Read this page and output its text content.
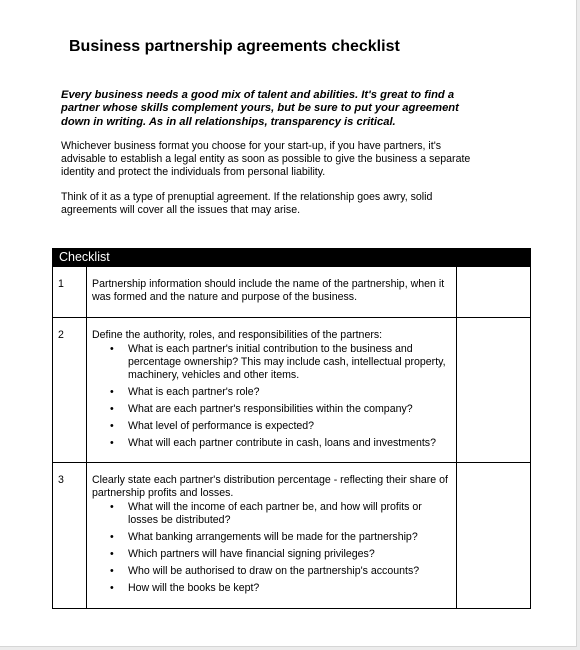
Business partnership agreements checklist

Every business needs a good mix of talent and abilities. It's great to find a partner whose skills complement yours, but be sure to put your agreement down in writing. As in all relationships, transparency is critical.

Whichever business format you choose for your start-up, if you have partners, it's advisable to establish a legal entity as soon as possible to give the business a separate identity and protect the individuals from personal liability.

Think of it as a type of prenuptial agreement. If the relationship goes awry, solid agreements will cover all the issues that may arise.

Checklist
1	Partnership information should include the name of the partnership, when it was formed and the nature and purpose of the business.

2	Define the authority, roles, and responsibilities of the partners:

• What is each partner's initial contribution to the business and percentage ownership? This may include cash, intellectual property, machinery, vehicles and other items.
• What is each partner's role?
• What are each partner's responsibilities within the company?
• What level of performance is expected?
• What will each partner contribute in cash, loans and investments?
3	Clearly state each partner's distribution percentage - reflecting their share of partnership profits and losses.

• What will the income of each partner be, and how will profits or losses be distributed?
• What banking arrangements will be made for the partnership?
• Which partners will have financial signing privileges?
• Who will be authorised to draw on the partnership's accounts?
• How will the books be kept?
